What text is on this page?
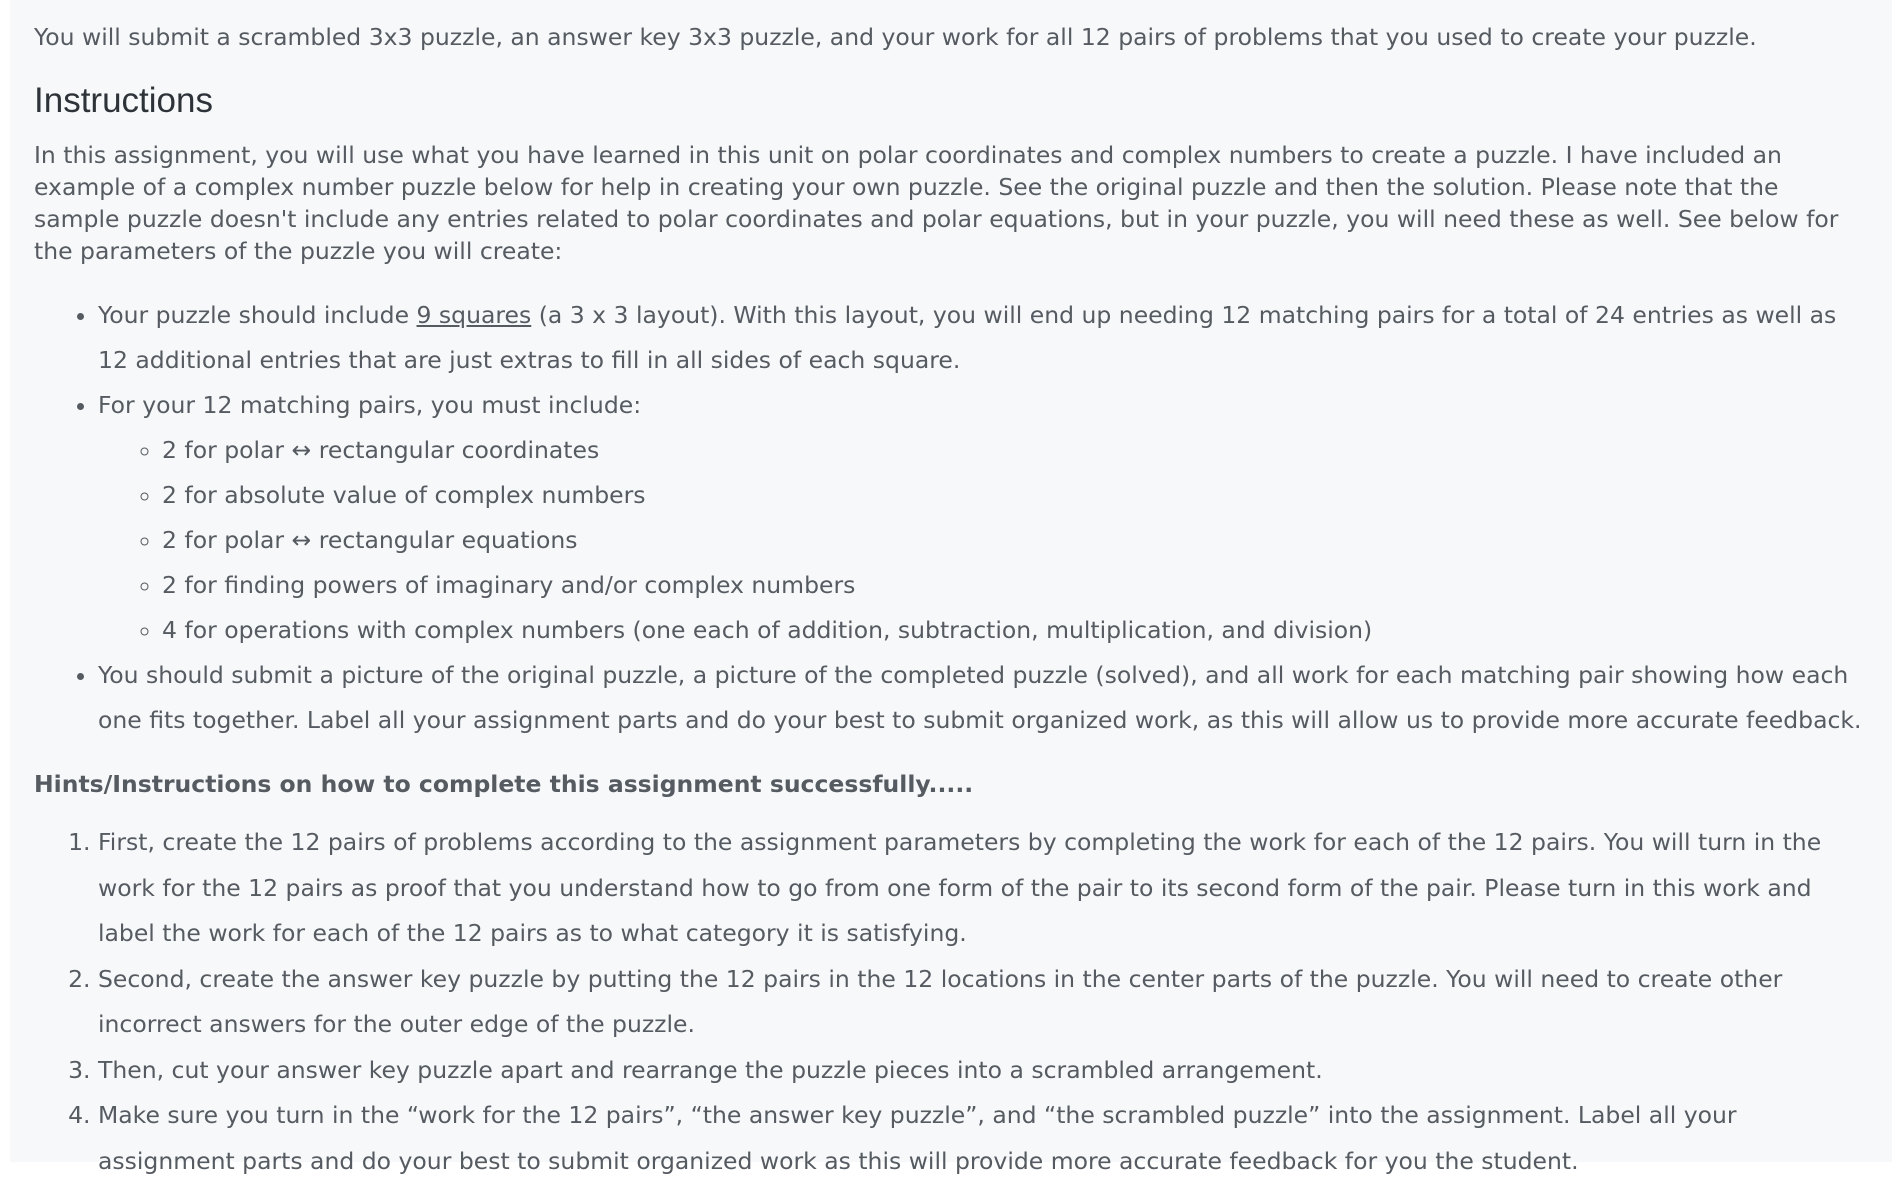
You will submit a scrambled 3x3 puzzle, an answer key 3x3 puzzle, and your work for all 12 pairs of problems that you used to create your puzzle.

Instructions

In this assignment, you will use what you have learned in this unit on polar coordinates and complex numbers to create a puzzle. I have included an example of a complex number puzzle below for help in creating your own puzzle. See the original puzzle and then the solution. Please note that the sample puzzle doesn't include any entries related to polar coordinates and polar equations, but in your puzzle, you will need these as well. See below for the parameters of the puzzle you will create:

• Your puzzle should include 9 squares (a 3 x 3 layout). With this layout, you will end up needing 12 matching pairs for a total of 24 entries as well as 12 additional entries that are just extras to fill in all sides of each square.
• For your 12 matching pairs, you must include:
◦ 2 for polar ↔ rectangular coordinates
◦ 2 for absolute value of complex numbers
◦ 2 for polar ↔ rectangular equations
◦ 2 for finding powers of imaginary and/or complex numbers
◦ 4 for operations with complex numbers (one each of addition, subtraction, multiplication, and division)
• You should submit a picture of the original puzzle, a picture of the completed puzzle (solved), and all work for each matching pair showing how each one fits together. Label all your assignment parts and do your best to submit organized work, as this will allow us to provide more accurate feedback.

Hints/Instructions on how to complete this assignment successfully.....

1. First, create the 12 pairs of problems according to the assignment parameters by completing the work for each of the 12 pairs. You will turn in the work for the 12 pairs as proof that you understand how to go from one form of the pair to its second form of the pair. Please turn in this work and label the work for each of the 12 pairs as to what category it is satisfying.
2. Second, create the answer key puzzle by putting the 12 pairs in the 12 locations in the center parts of the puzzle. You will need to create other incorrect answers for the outer edge of the puzzle.
3. Then, cut your answer key puzzle apart and rearrange the puzzle pieces into a scrambled arrangement.
4. Make sure you turn in the “work for the 12 pairs”, “the answer key puzzle”, and “the scrambled puzzle” into the assignment. Label all your assignment parts and do your best to submit organized work as this will provide more accurate feedback for you the student.
